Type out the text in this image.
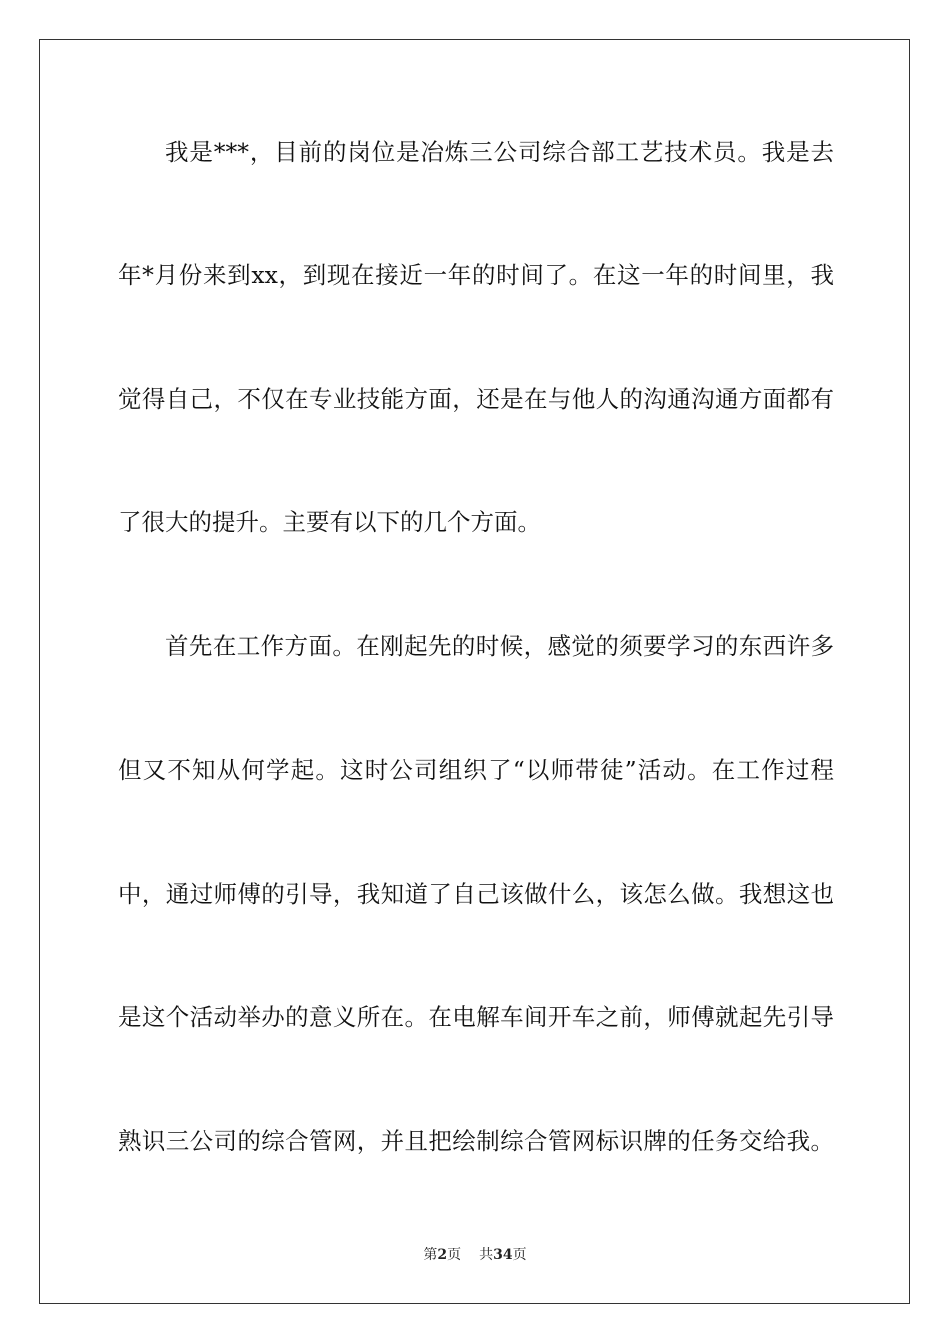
我是***，目前的岗位是冶炼三公司综合部工艺技术员。我是去
年*月份来到xx，到现在接近一年的时间了。在这一年的时间里，我
觉得自己，不仅在专业技能方面，还是在与他人的沟通沟通方面都有
了很大的提升。主要有以下的几个方面。
首先在工作方面。在刚起先的时候，感觉的须要学习的东西许多
但又不知从何学起。这时公司组织了“以师带徒”活动。在工作过程
中，通过师傅的引导，我知道了自己该做什么，该怎么做。我想这也
是这个活动举办的意义所在。在电解车间开车之前，师傅就起先引导
熟识三公司的综合管网，并且把绘制综合管网标识牌的任务交给我。
第2页 共34页
